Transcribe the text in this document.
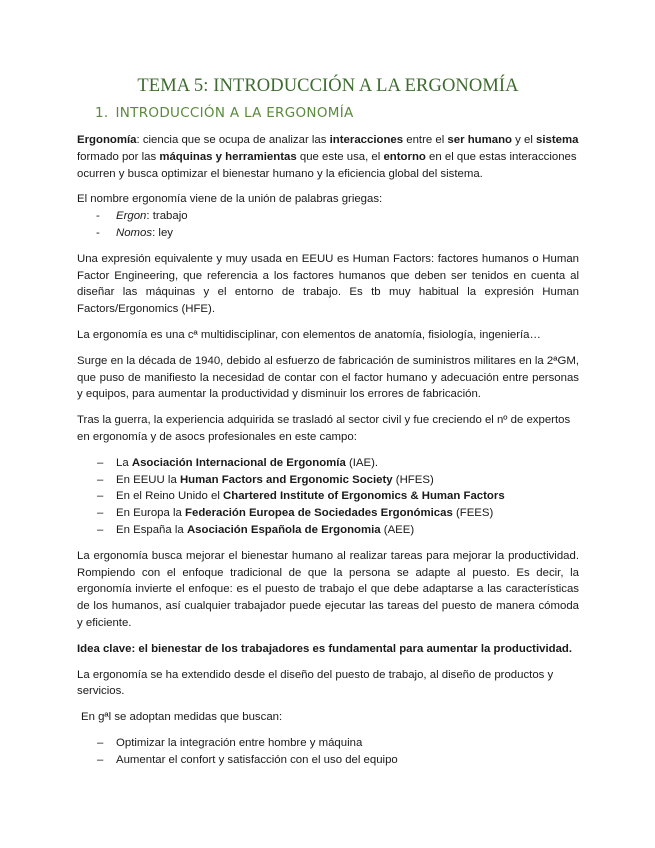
TEMA 5: INTRODUCCIÓN A LA ERGONOMÍA
1. INTRODUCCIÓN A LA ERGONOMÍA

Ergonomía: ciencia que se ocupa de analizar las interacciones entre el ser humano y el sistema formado por las máquinas y herramientas que este usa, el entorno en el que estas interacciones ocurren y busca optimizar el bienestar humano y la eficiencia global del sistema.

El nombre ergonomía viene de la unión de palabras griegas:

- Ergon: trabajo
- Nomos: ley

Una expresión equivalente y muy usada en EEUU es Human Factors: factores humanos o Human Factor Engineering, que referencia a los factores humanos que deben ser tenidos en cuenta al diseñar las máquinas y el entorno de trabajo. Es tb muy habitual la expresión Human Factors/Ergonomics (HFE).

La ergonomía es una cª multidisciplinar, con elementos de anatomía, fisiología, ingeniería…

Surge en la década de 1940, debido al esfuerzo de fabricación de suministros militares en la 2ªGM, que puso de manifiesto la necesidad de contar con el factor humano y adecuación entre personas y equipos, para aumentar la productividad y disminuir los errores de fabricación.

Tras la guerra, la experiencia adquirida se trasladó al sector civil y fue creciendo el nº de expertos en ergonomía y de asocs profesionales en este campo:

– La Asociación Internacional de Ergonomía (IAE).
– En EEUU la Human Factors and Ergonomic Society (HFES)
– En el Reino Unido el Chartered Institute of Ergonomics & Human Factors
– En Europa la Federación Europea de Sociedades Ergonómicas (FEES)
– En España la Asociación Española de Ergonomia (AEE)

La ergonomía busca mejorar el bienestar humano al realizar tareas para mejorar la productividad. Rompiendo con el enfoque tradicional de que la persona se adapte al puesto. Es decir, la ergonomía invierte el enfoque: es el puesto de trabajo el que debe adaptarse a las características de los humanos, así cualquier trabajador puede ejecutar las tareas del puesto de manera cómoda y eficiente.

Idea clave: el bienestar de los trabajadores es fundamental para aumentar la productividad.

La ergonomía se ha extendido desde el diseño del puesto de trabajo, al diseño de productos y servicios.

En gªl se adoptan medidas que buscan:

– Optimizar la integración entre hombre y máquina
– Aumentar el confort y satisfacción con el uso del equipo
